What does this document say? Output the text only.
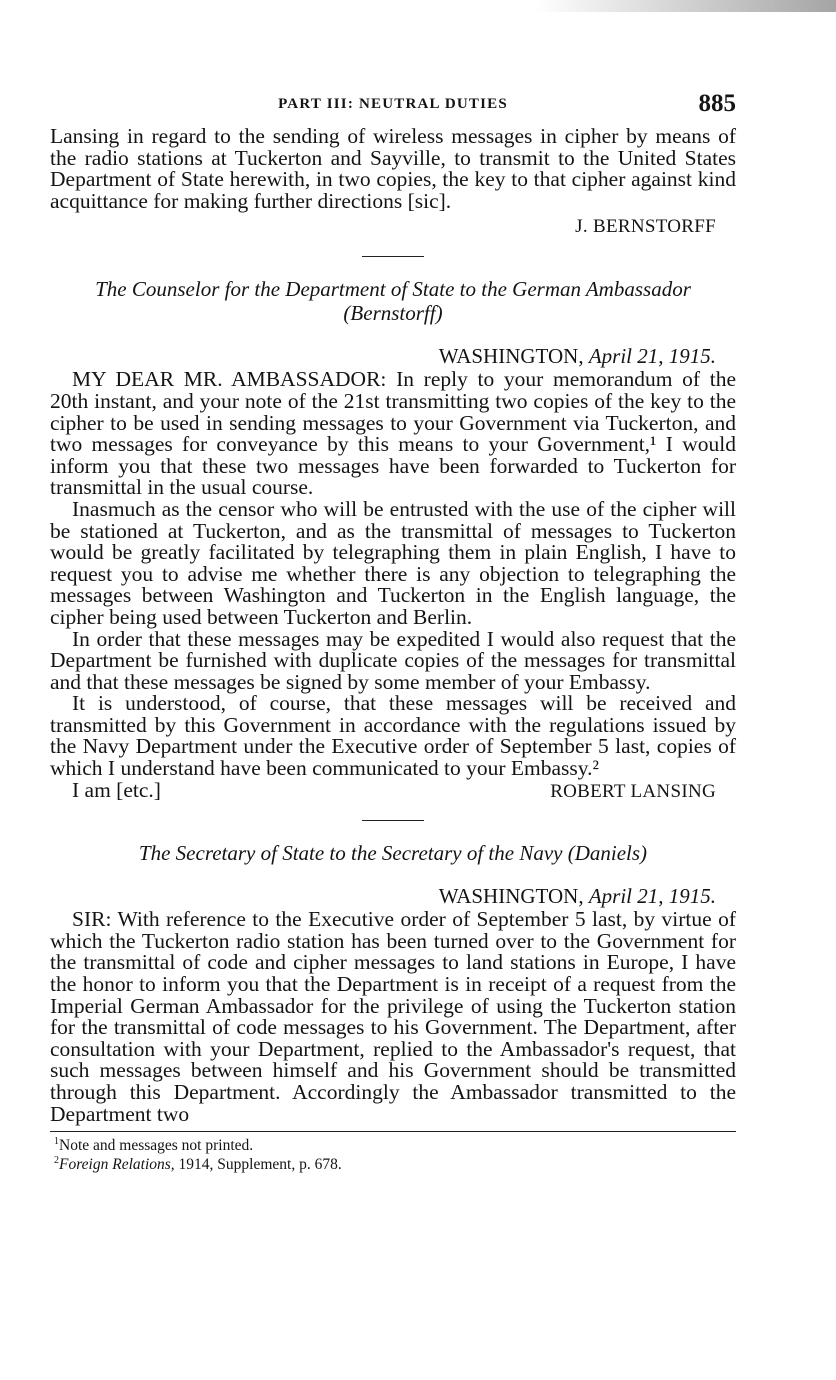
PART III: NEUTRAL DUTIES	885

Lansing in regard to the sending of wireless messages in cipher by means of the radio stations at Tuckerton and Sayville, to transmit to the United States Department of State herewith, in two copies, the key to that cipher against kind acquittance for making further directions [sic].

J. BERNSTORFF
The Counselor for the Department of State to the German Ambassador (Bernstorff)
WASHINGTON, April 21, 1915.

MY DEAR MR. AMBASSADOR: In reply to your memorandum of the 20th instant, and your note of the 21st transmitting two copies of the key to the cipher to be used in sending messages to your Government via Tuckerton, and two messages for conveyance by this means to your Government,¹ I would inform you that these two messages have been forwarded to Tuckerton for transmittal in the usual course.

Inasmuch as the censor who will be entrusted with the use of the cipher will be stationed at Tuckerton, and as the transmittal of messages to Tuckerton would be greatly facilitated by telegraphing them in plain English, I have to request you to advise me whether there is any objection to telegraphing the messages between Washington and Tuckerton in the English language, the cipher being used between Tuckerton and Berlin.

In order that these messages may be expedited I would also request that the Department be furnished with duplicate copies of the messages for transmittal and that these messages be signed by some member of your Embassy.

It is understood, of course, that these messages will be received and transmitted by this Government in accordance with the regulations issued by the Navy Department under the Executive order of September 5 last, copies of which I understand have been communicated to your Embassy.²

I am [etc.]	ROBERT LANSING
The Secretary of State to the Secretary of the Navy (Daniels)
WASHINGTON, April 21, 1915.

SIR: With reference to the Executive order of September 5 last, by virtue of which the Tuckerton radio station has been turned over to the Government for the transmittal of code and cipher messages to land stations in Europe, I have the honor to inform you that the Department is in receipt of a request from the Imperial German Ambassador for the privilege of using the Tuckerton station for the transmittal of code messages to his Government. The Department, after consultation with your Department, replied to the Ambassador's request, that such messages between himself and his Government should be transmitted through this Department. Accordingly the Ambassador transmitted to the Department two

$^1$Note and messages not printed.
$^2$Foreign Relations, 1914, Supplement, p. 678.
